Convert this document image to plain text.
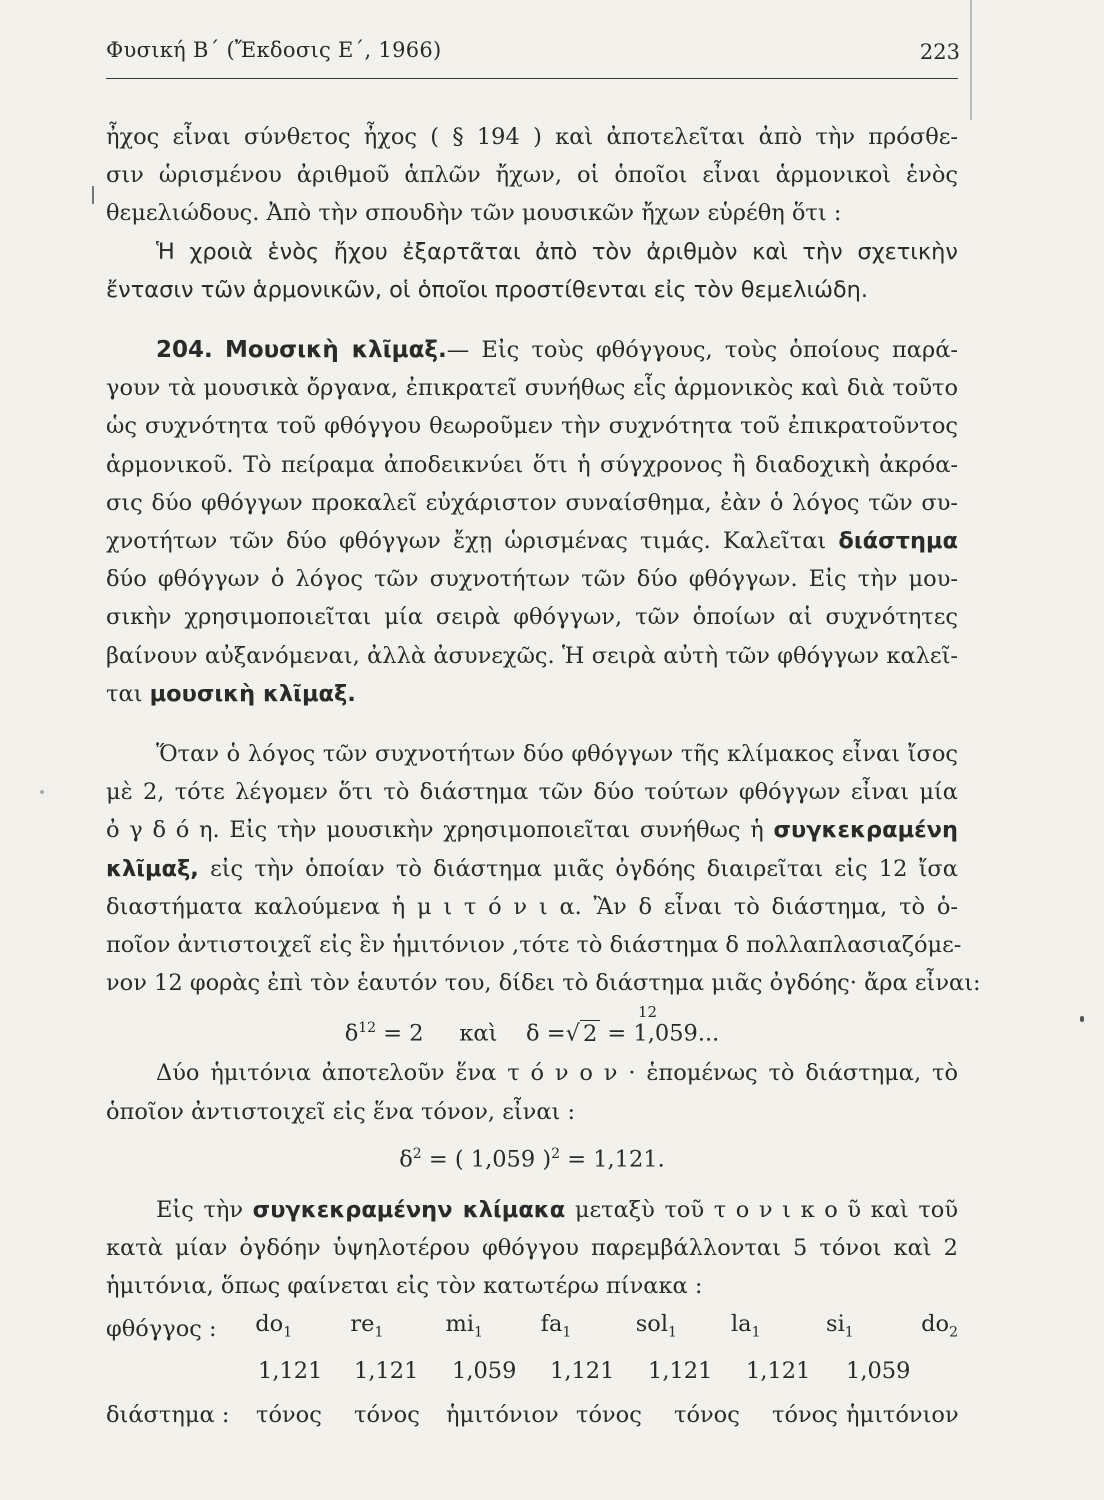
Φυσική Β΄ (Ἔκδοσις Ε΄, 1966)	223
ἦχος εἶναι σύνθετος ἦχος ( § 194 ) καὶ ἀποτελεῖται ἀπὸ τὴν πρόσθε-
σιν ὡρισμένου ἀριθμοῦ ἁπλῶν ἤχων, οἱ ὁποῖοι εἶναι ἁρμονικοὶ ἑνὸς
θεμελιώδους. Ἀπὸ τὴν σπουδὴν τῶν μουσικῶν ἤχων εὑρέθη ὅτι :
Ἡ χροιὰ ἑνὸς ἤχου ἐξαρτᾶται ἀπὸ τὸν ἀριθμὸν καὶ τὴν σχετικὴν
ἔντασιν τῶν ἁρμονικῶν, οἱ ὁποῖοι προστίθενται εἰς τὸν θεμελιώδη.
204. Μουσικὴ κλῖμαξ.— Εἰς τοὺς φθόγγους, τοὺς ὁποίους παρά-
γουν τὰ μουσικὰ ὄργανα, ἐπικρατεῖ συνήθως εἷς ἁρμονικὸς καὶ διὰ τοῦτο
ὡς συχνότητα τοῦ φθόγγου θεωροῦμεν τὴν συχνότητα τοῦ ἐπικρατοῦντος
ἁρμονικοῦ. Τὸ πείραμα ἀποδεικνύει ὅτι ἡ σύγχρονος ἢ διαδοχικὴ ἀκρόα-
σις δύο φθόγγων προκαλεῖ εὐχάριστον συναίσθημα, ἐὰν ὁ λόγος τῶν συ-
χνοτήτων τῶν δύο φθόγγων ἔχῃ ὡρισμένας τιμάς. Καλεῖται διάστημα
δύο φθόγγων ὁ λόγος τῶν συχνοτήτων τῶν δύο φθόγγων. Εἰς τὴν μου-
σικὴν χρησιμοποιεῖται μία σειρὰ φθόγγων, τῶν ὁποίων αἱ συχνότητες
βαίνουν αὐξανόμεναι, ἀλλὰ ἀσυνεχῶς. Ἡ σειρὰ αὐτὴ τῶν φθόγγων καλεῖ-
ται μουσικὴ κλῖμαξ.
Ὅταν ὁ λόγος τῶν συχνοτήτων δύο φθόγγων τῆς κλίμακος εἶναι ἴσος
μὲ 2, τότε λέγομεν ὅτι τὸ διάστημα τῶν δύο τούτων φθόγγων εἶναι μία
ὀ γ δ ό η. Εἰς τὴν μουσικὴν χρησιμοποιεῖται συνήθως ἡ συγκεκραμένη
κλῖμαξ, εἰς τὴν ὁποίαν τὸ διάστημα μιᾶς ὀγδόης διαιρεῖται εἰς 12 ἴσα
διαστήματα καλούμενα ἡ μ ι τ ό ν ι α. Ἂν δ εἶναι τὸ διάστημα, τὸ ὁ-
ποῖον ἀντιστοιχεῖ εἰς ἓν ἡμιτόνιον ,τότε τὸ διάστημα δ πολλαπλασιαζόμε-
νον 12 φορὰς ἐπὶ τὸν ἑαυτόν του, δίδει τὸ διάστημα μιᾶς ὀγδόης· ἄρα εἶναι:
$\delta^{12} = 2$ καὶ δ =
12
√ 2 = 1,059...
Δύο ἡμιτόνια ἀποτελοῦν ἕνα τ ό ν ο ν · ἑπομένως τὸ διάστημα, τὸ
ὁποῖον ἀντιστοιχεῖ εἰς ἕνα τόνον, εἶναι :
$\delta^2$ = ( 1,059 )$^2$ = 1,121.
Εἰς τὴν συγκεκραμένην κλίμακα μεταξὺ τοῦ τ ο ν ι κ ο ῦ καὶ τοῦ
κατὰ μίαν ὀγδόην ὑψηλοτέρου φθόγγου παρεμβάλλονται 5 τόνοι καὶ 2
ἡμιτόνια, ὅπως φαίνεται εἰς τὸν κατωτέρω πίνακα :
φθόγγος :	$do_1$	$re_1$	$mi_1$	$fa_1$	sol$_1$	$la_1$	$si_1$	$do_2$
1,121 1,121 1,059 1,121 1,121 1,121 1,059
διάστημα : τόνος τόνος ἡμιτόνιον τόνος τόνος τόνος ἡμιτόνιον
